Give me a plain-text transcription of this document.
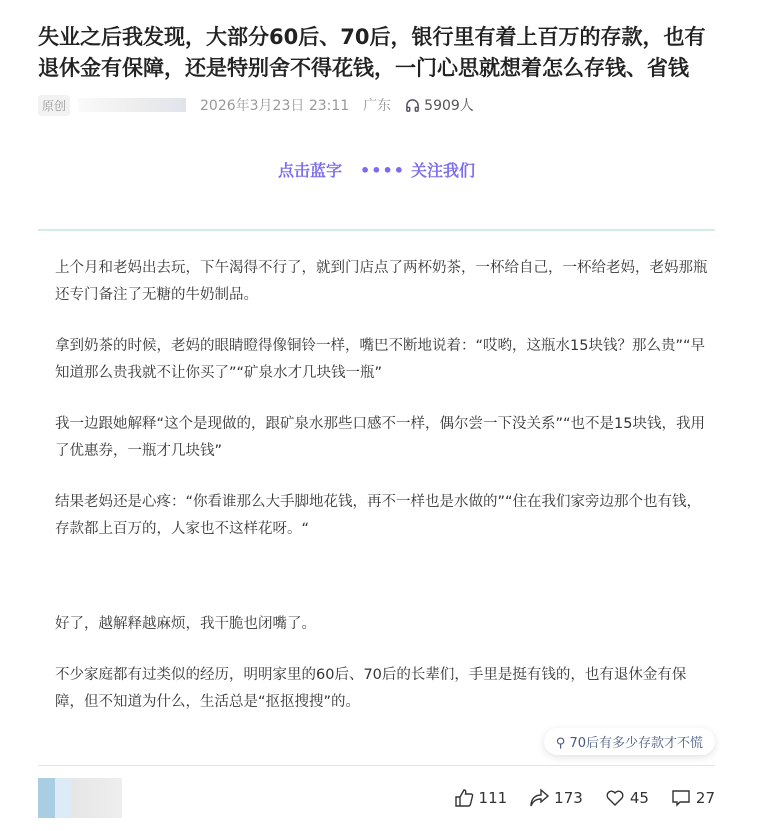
失业之后我发现，大部分60后、70后，银行里有着上百万的存款，也有退休金有保障，还是特别舍不得花钱，一门心思就想着怎么存钱、省钱
原创	2026年3月23日 23:11 广东 5909人
点击蓝字 •••• 关注我们

上个月和老妈出去玩，下午渴得不行了，就到门店点了两杯奶茶，一杯给自己，一杯给老妈，老妈那瓶还专门备注了无糖的牛奶制品。

拿到奶茶的时候，老妈的眼睛瞪得像铜铃一样，嘴巴不断地说着：“哎哟，这瓶水15块钱？那么贵”“早知道那么贵我就不让你买了”“矿泉水才几块钱一瓶”

我一边跟她解释“这个是现做的，跟矿泉水那些口感不一样，偶尔尝一下没关系”“也不是15块钱，我用了优惠券，一瓶才几块钱”

结果老妈还是心疼：“你看谁那么大手脚地花钱，再不一样也是水做的”“住在我们家旁边那个也有钱，存款都上百万的，人家也不这样花呀。“

好了，越解释越麻烦，我干脆也闭嘴了。

不少家庭都有过类似的经历，明明家里的60后、70后的长辈们，手里是挺有钱的，也有退休金有保障，但不知道为什么，生活总是“抠抠搜搜”的。

⚲ 70后有多少存款才不慌
111	173	45	27
